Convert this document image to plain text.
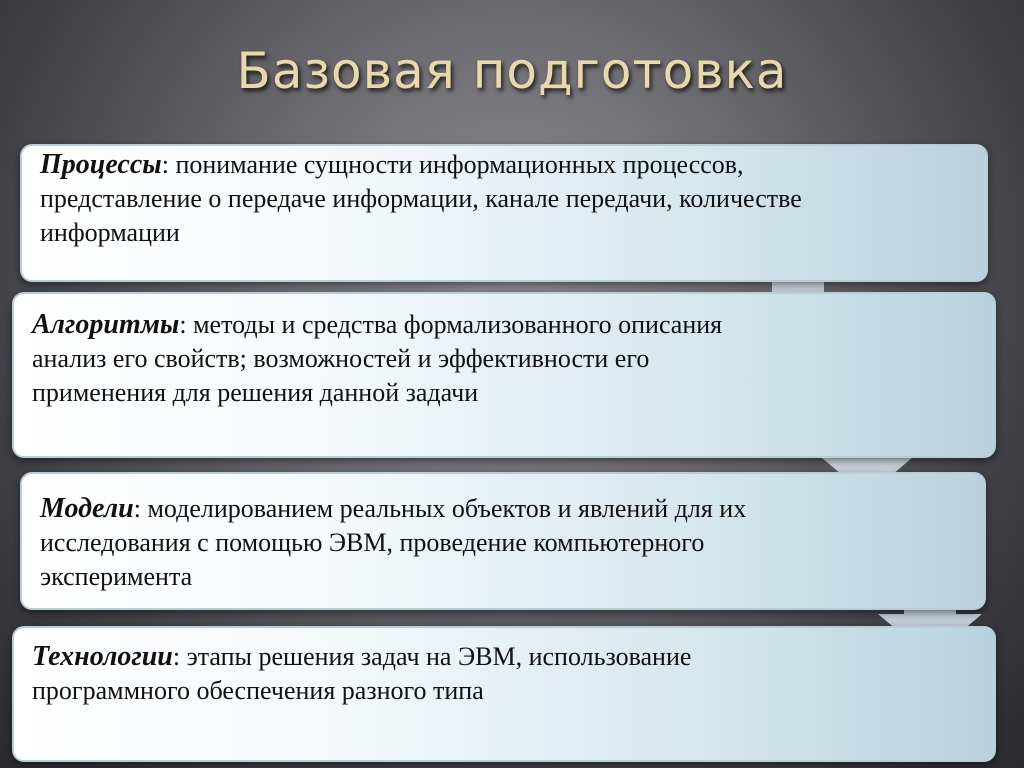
Базовая подготовка

Процессы: понимание сущности информационных процессов, представление о передаче информации, канале передачи, количестве информации

Алгоритмы: методы и средства формализованного описания анализ его свойств; возможностей и эффективности его применения для решения данной задачи

Модели: моделированием реальных объектов и явлений для их исследования с помощью ЭВМ, проведение компьютерного эксперимента

Технологии: этапы решения задач на ЭВМ, использование программного обеспечения разного типа
